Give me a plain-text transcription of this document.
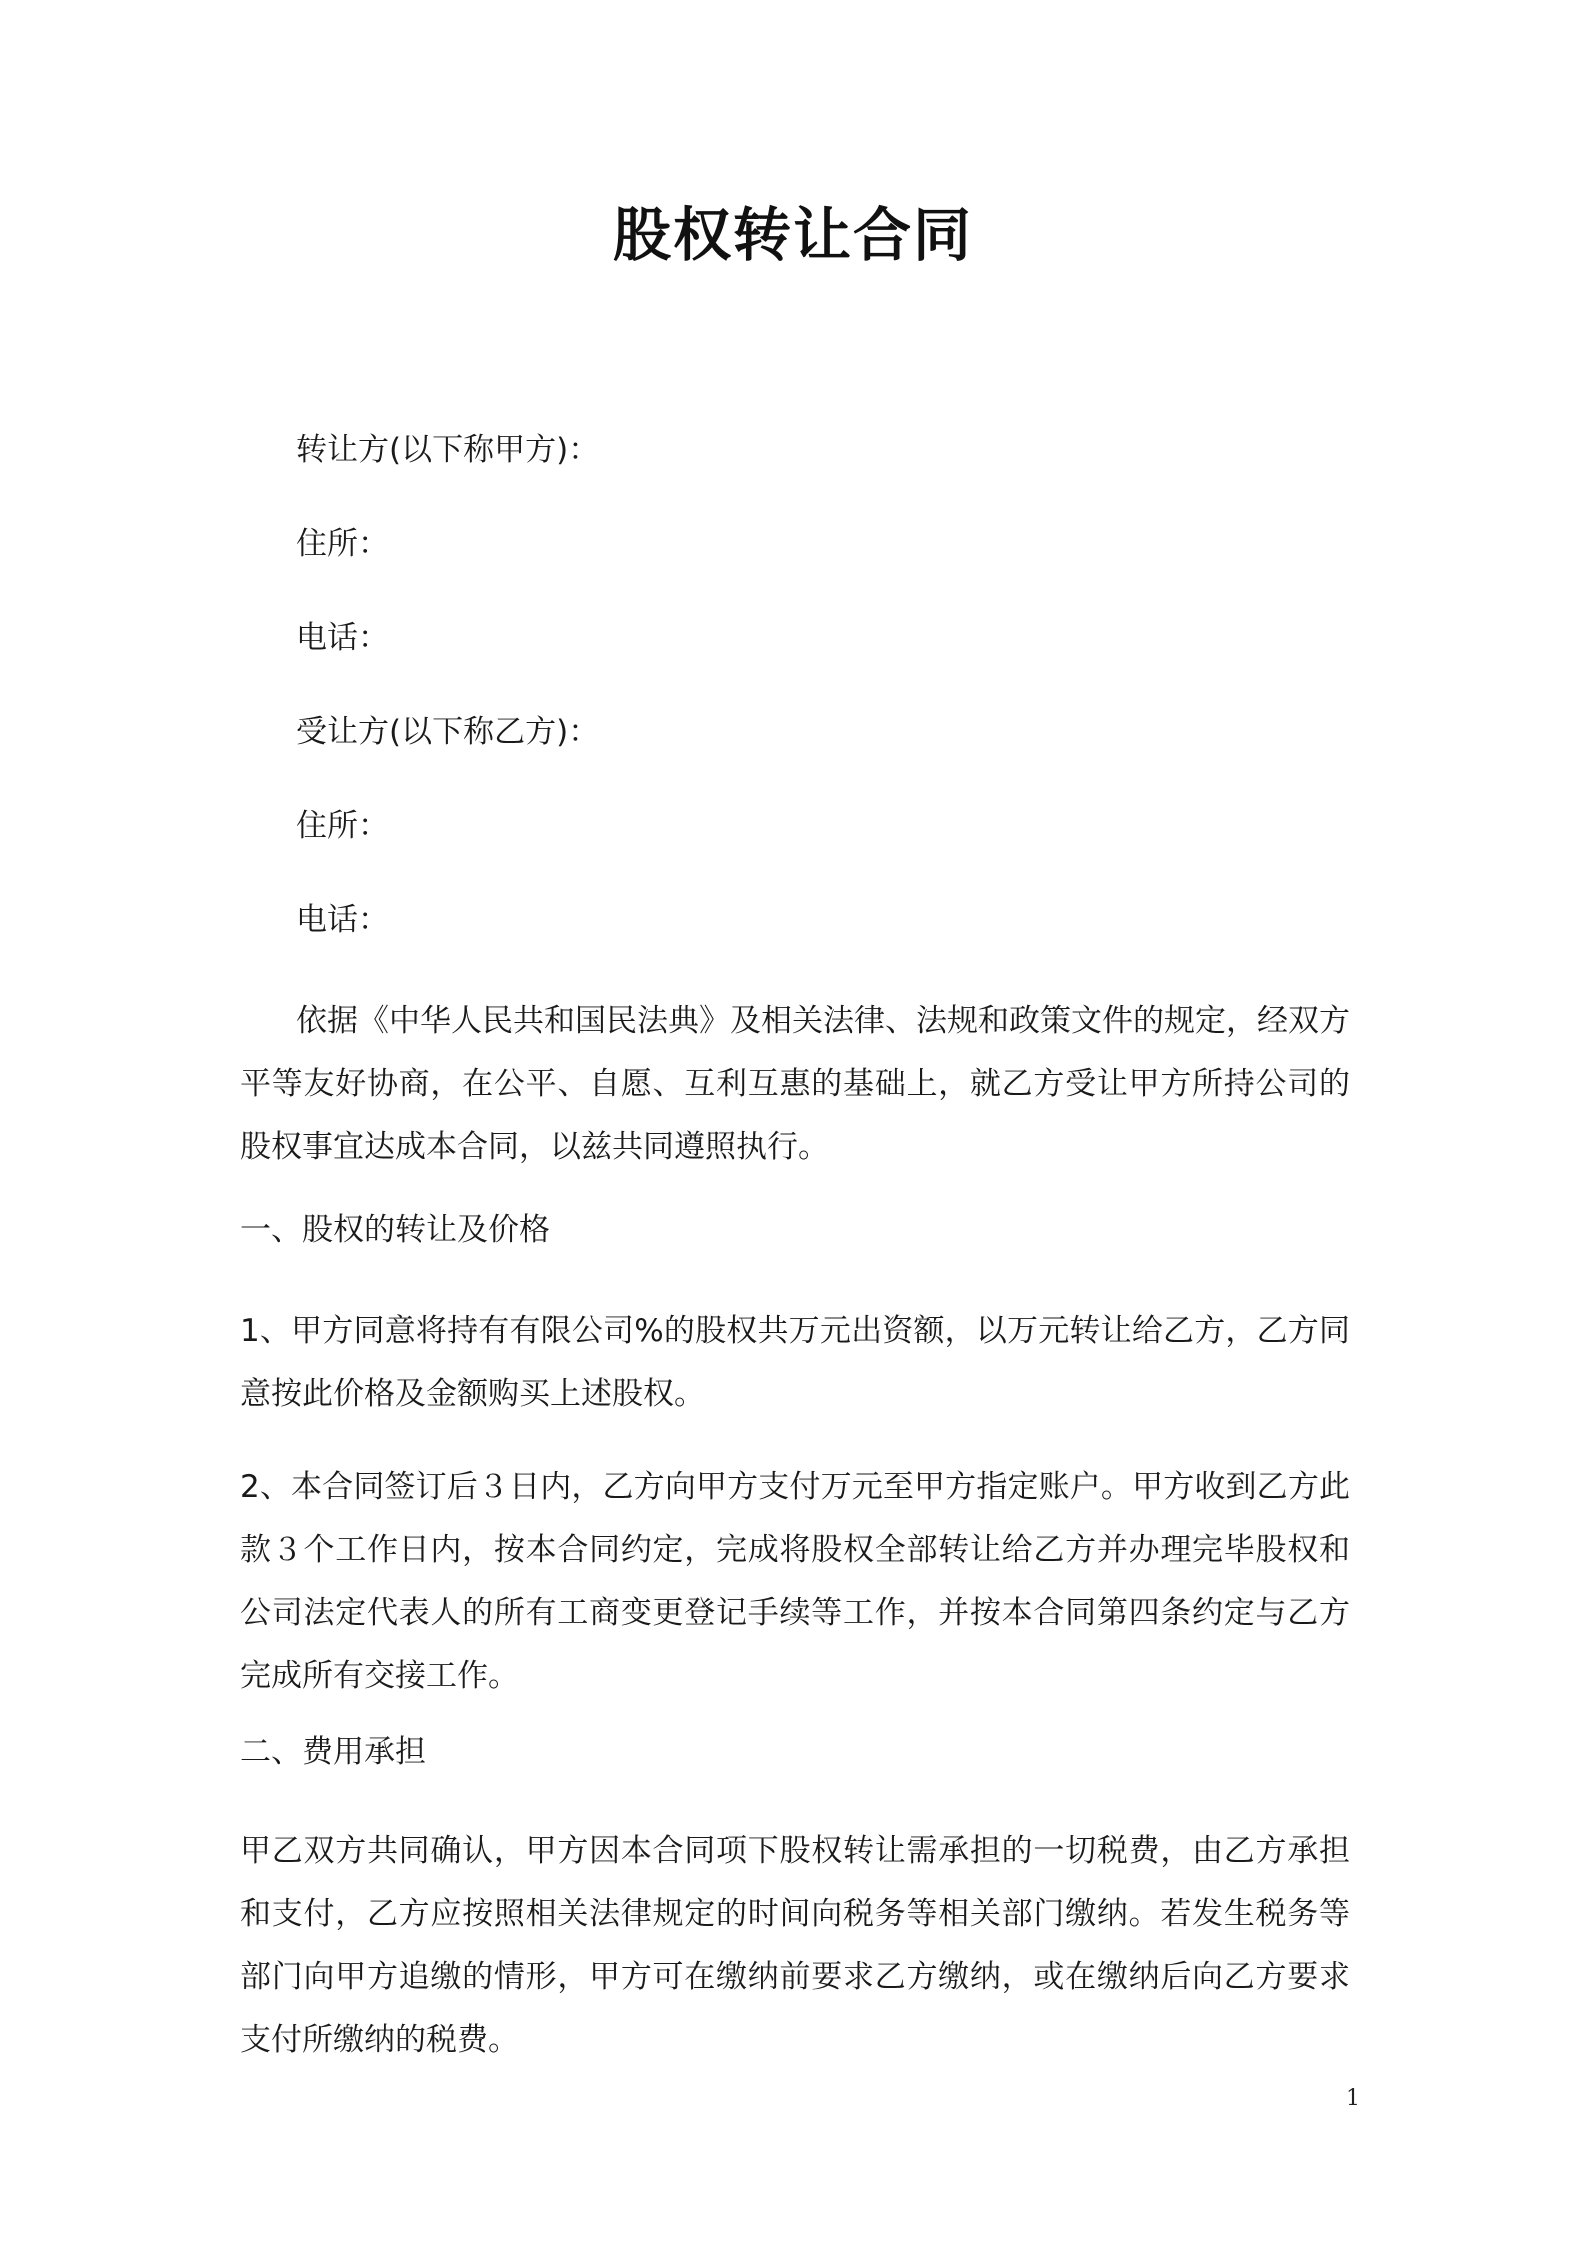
股权转让合同
转让方(以下称甲方)：
住所：
电话：
受让方(以下称乙方)：
住所：
电话：
依据《中华人民共和国民法典》及相关法律、法规和政策文件的规定，经双方平等友好协商，在公平、自愿、互利互惠的基础上，就乙方受让甲方所持公司的股权事宜达成本合同，以兹共同遵照执行。
一、股权的转让及价格
1、甲方同意将持有有限公司%的股权共万元出资额，以万元转让给乙方，乙方同意按此价格及金额购买上述股权。
2、本合同签订后３日内，乙方向甲方支付万元至甲方指定账户。甲方收到乙方此款３个工作日内，按本合同约定，完成将股权全部转让给乙方并办理完毕股权和公司法定代表人的所有工商变更登记手续等工作，并按本合同第四条约定与乙方完成所有交接工作。
二、费用承担
甲乙双方共同确认，甲方因本合同项下股权转让需承担的一切税费，由乙方承担和支付，乙方应按照相关法律规定的时间向税务等相关部门缴纳。若发生税务等部门向甲方追缴的情形，甲方可在缴纳前要求乙方缴纳，或在缴纳后向乙方要求支付所缴纳的税费。
1
